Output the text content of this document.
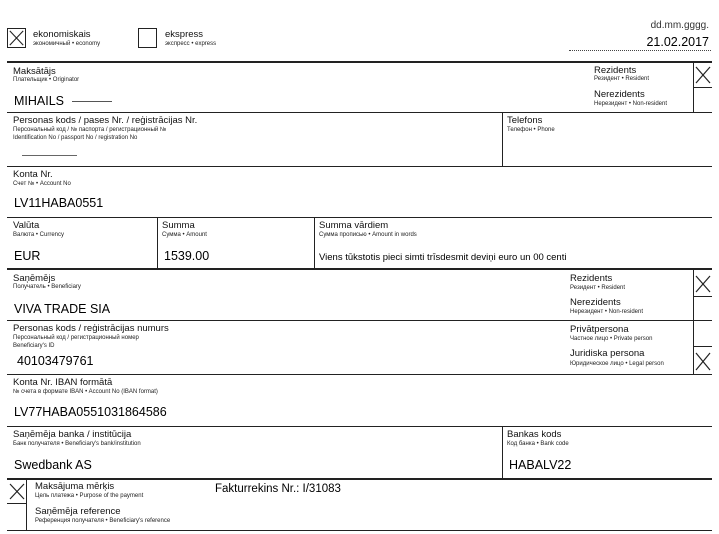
ekonomiskais
экономичный • economy
ekspress
экспресс • express
dd.mm.gggg.
21.02.2017
Maksātājs
Плательщик • Originator
MIHAILS
Rezidents
Резидент • Resident
Nerezidents
Нерезидент • Non-resident
Personas kods / pases Nr. / reģistrācijas Nr.
Персональный код / № паспорта / регистрационный №
Identification No / passport No / registration No
Telefons
Телефон • Phone
Konta Nr.
Счет № • Account No
LV11HABA0551
Valūta
Валюта • Currency
EUR
Summa
Сумма • Amount
1539.00
Summa vārdiem
Сумма прописью • Amount in words
Viens tūkstotis pieci simti trīsdesmit deviņi euro un 00 centi
Saņēmējs
Получатель • Beneficiary
VIVA TRADE SIA
Rezidents
Резидент • Resident
Nerezidents
Нерезидент • Non-resident
Personas kods / reģistrācijas numurs
Персональный код / регистрационный номер
Beneficiary's ID
40103479761
Privātpersona
Частное лицо • Private person
Juridiska persona
Юридическое лицо • Legal person
Konta Nr. IBAN formātā
№ счета в формате IBAN • Account No (IBAN format)
LV77HABA0551031864586
Saņēmēja banka / institūcija
Банк получателя • Beneficiary's bank/institution
Swedbank AS
Bankas kods
Код банка • Bank code
HABALV22
Maksājuma mērķis
Цель платежа • Purpose of the payment
Fakturrekins Nr.: I/31083
Saņēmēja reference
Референция получателя • Beneficiary's reference
